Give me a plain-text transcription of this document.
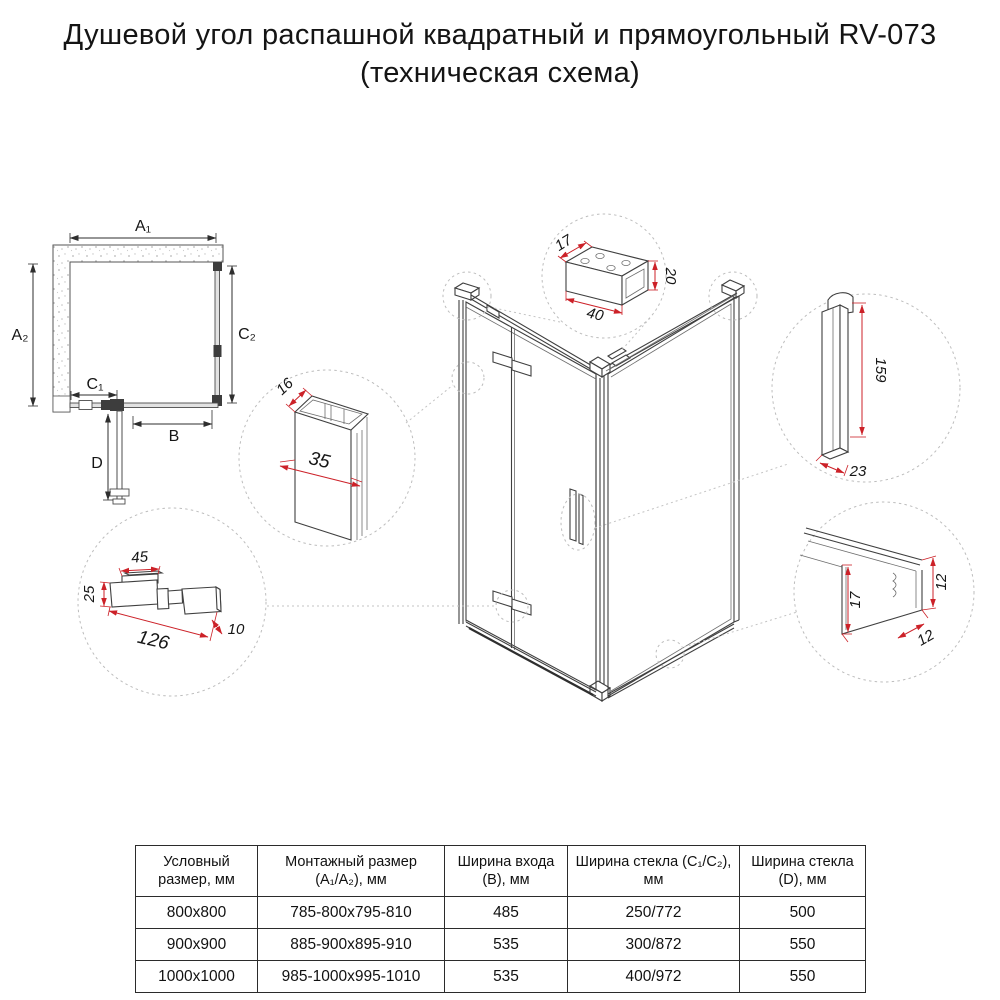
Душевой угол распашной квадратный и прямоугольный RV-073
(техническая схема)
A₁
A₂	C₂
C₁
B
D
17
40
20
16
35
159
23
45
25
126	10
17
12
12
Условный размер, мм	Монтажный размер (A₁/A₂), мм	Ширина входа (B), мм	Ширина стекла (C₁/C₂), мм	Ширина стекла (D), мм
800x800	785-800x795-810	485	250/772	500
900x900	885-900x895-910	535	300/872	550
1000x1000	985-1000x995-1010	535	400/972	550
